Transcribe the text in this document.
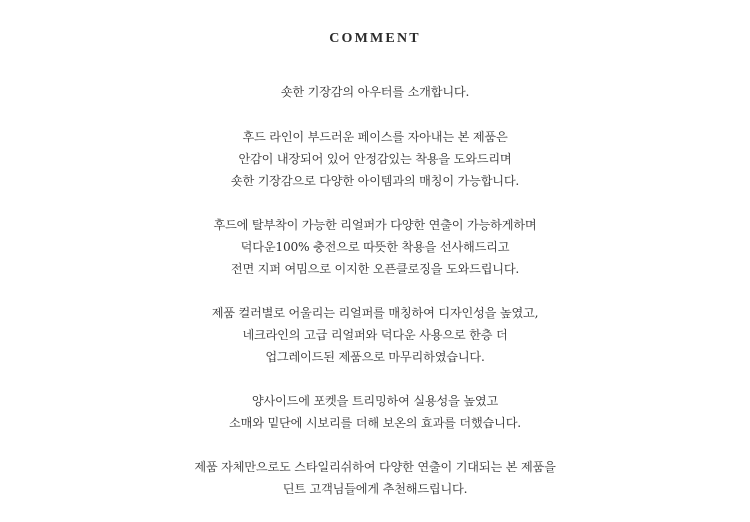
COMMENT
숏한 기장감의 아우터를 소개합니다.
후드 라인이 부드러운 페이스를 자아내는 본 제품은
안감이 내장되어 있어 안정감있는 착용을 도와드리며
숏한 기장감으로 다양한 아이템과의 매칭이 가능합니다.
후드에 탈부착이 가능한 리얼퍼가 다양한 연출이 가능하게하며
덕다운100% 충전으로 따뜻한 착용을 선사해드리고
전면 지퍼 여밈으로 이지한 오픈클로징을 도와드립니다.
제품 컬러별로 어울리는 리얼퍼를 매칭하여 디자인성을 높였고,
네크라인의 고급 리얼퍼와 덕다운 사용으로 한층 더
업그레이드된 제품으로 마무리하였습니다.
양사이드에 포켓을 트리밍하여 실용성을 높였고
소매와 밑단에 시보리를 더해 보온의 효과를 더했습니다.
제품 자체만으로도 스타일리쉬하여 다양한 연출이 기대되는 본 제품을
딘트 고객님들에게 추천해드립니다.
